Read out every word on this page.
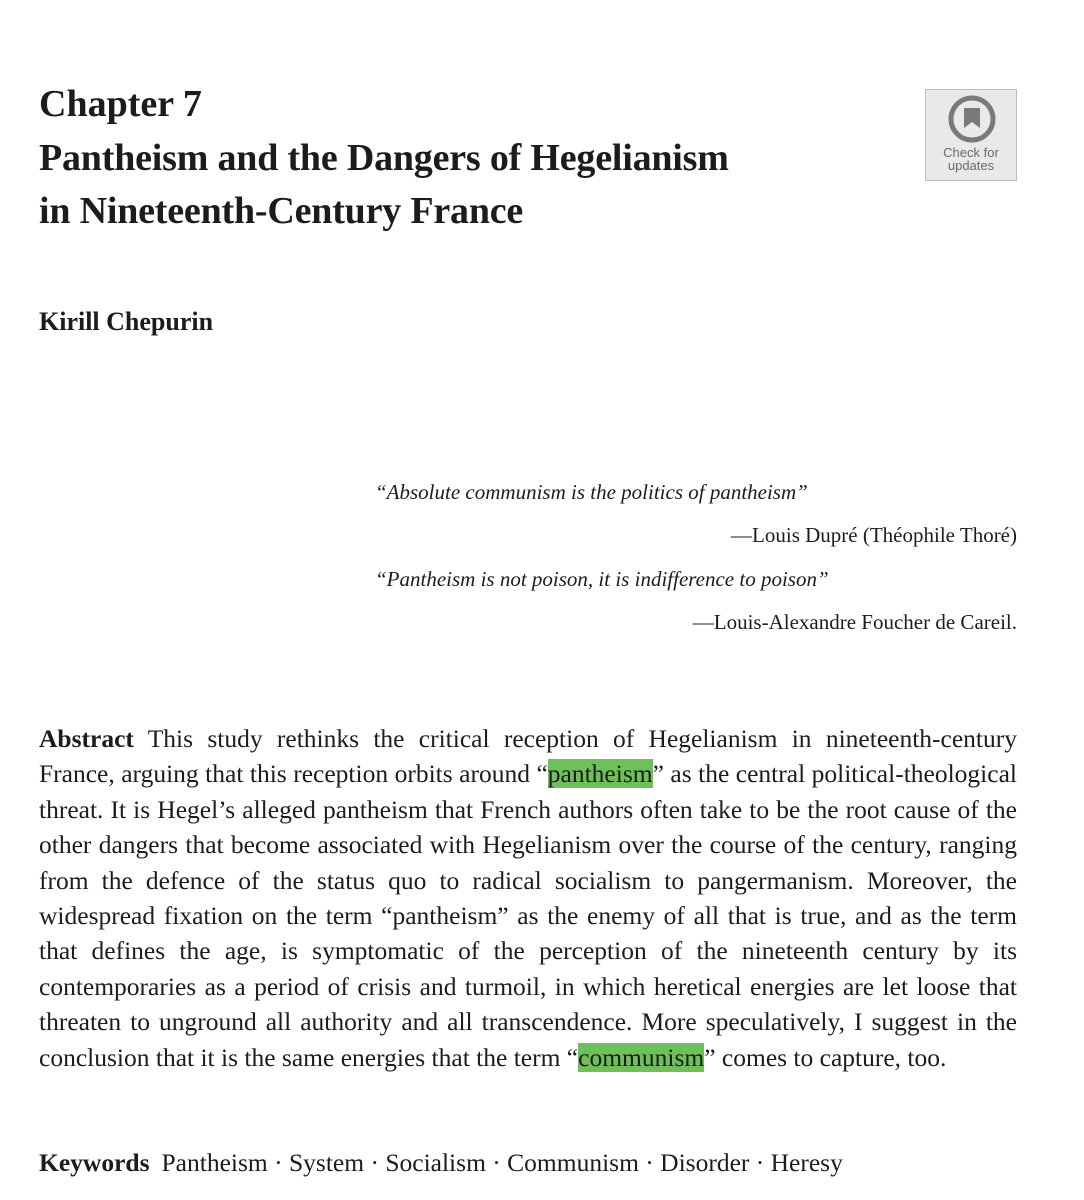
Chapter 7
Pantheism and the Dangers of Hegelianism
in Nineteenth-Century France
Check for
updates
Kirill Chepurin
“Absolute communism is the politics of pantheism”
—Louis Dupré (Théophile Thoré)
“Pantheism is not poison, it is indifference to poison”
—Louis-Alexandre Foucher de Careil.
Abstract This study rethinks the critical reception of Hegelianism in nineteenth-century France, arguing that this reception orbits around “pantheism” as the central political-theological threat. It is Hegel’s alleged pantheism that French authors often take to be the root cause of the other dangers that become associated with Hegelianism over the course of the century, ranging from the defence of the status quo to radical socialism to pangermanism. Moreover, the widespread fixation on the term “pantheism” as the enemy of all that is true, and as the term that defines the age, is symptomatic of the perception of the nineteenth century by its contemporaries as a period of crisis and turmoil, in which heretical energies are let loose that threaten to unground all authority and all transcendence. More speculatively, I suggest in the conclusion that it is the same energies that the term “communism” comes to capture, too.
Keywords Pantheism · System · Socialism · Communism · Disorder · Heresy
